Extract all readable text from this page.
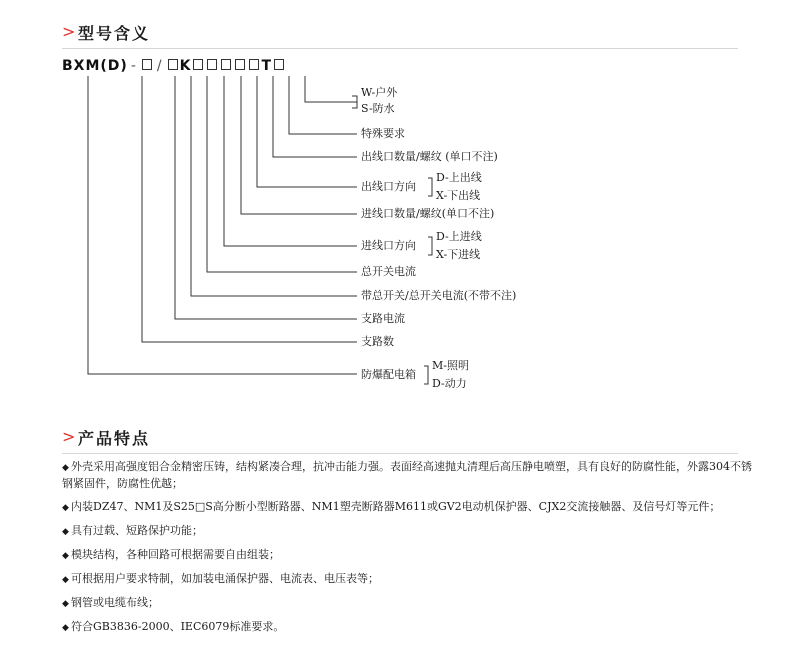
> 型号含义
BXM(D) - / K	T
W-户外
S-防水
特殊要求
出线口数量/螺纹 (单口不注)
出线口方向
D-上出线
X-下出线
进线口数量/螺纹(单口不注)
进线口方向
D-上进线
X-下进线
总开关电流
带总开关/总开关电流(不带不注)
支路电流
支路数
防爆配电箱
M-照明
D-动力
> 产品特点
◆ 外壳采用高强度铝合金精密压铸，结构紧凑合理，抗冲击能力强。表面经高速抛丸清理后高压静电喷塑，具有良好的防腐性能，外露304不锈钢紧固件，防腐性优越；
◆ 内装DZ47、NM1及S25□S高分断小型断路器、NM1塑壳断路器M611或GV2电动机保护器、CJX2交流接触器、及信号灯等元件；
◆ 具有过载、短路保护功能；
◆ 模块结构，各种回路可根据需要自由组装；
◆ 可根据用户要求特制，如加装电涌保护器、电流表、电压表等；
◆ 钢管或电缆布线；
◆ 符合GB3836-2000、IEC6079标准要求。
